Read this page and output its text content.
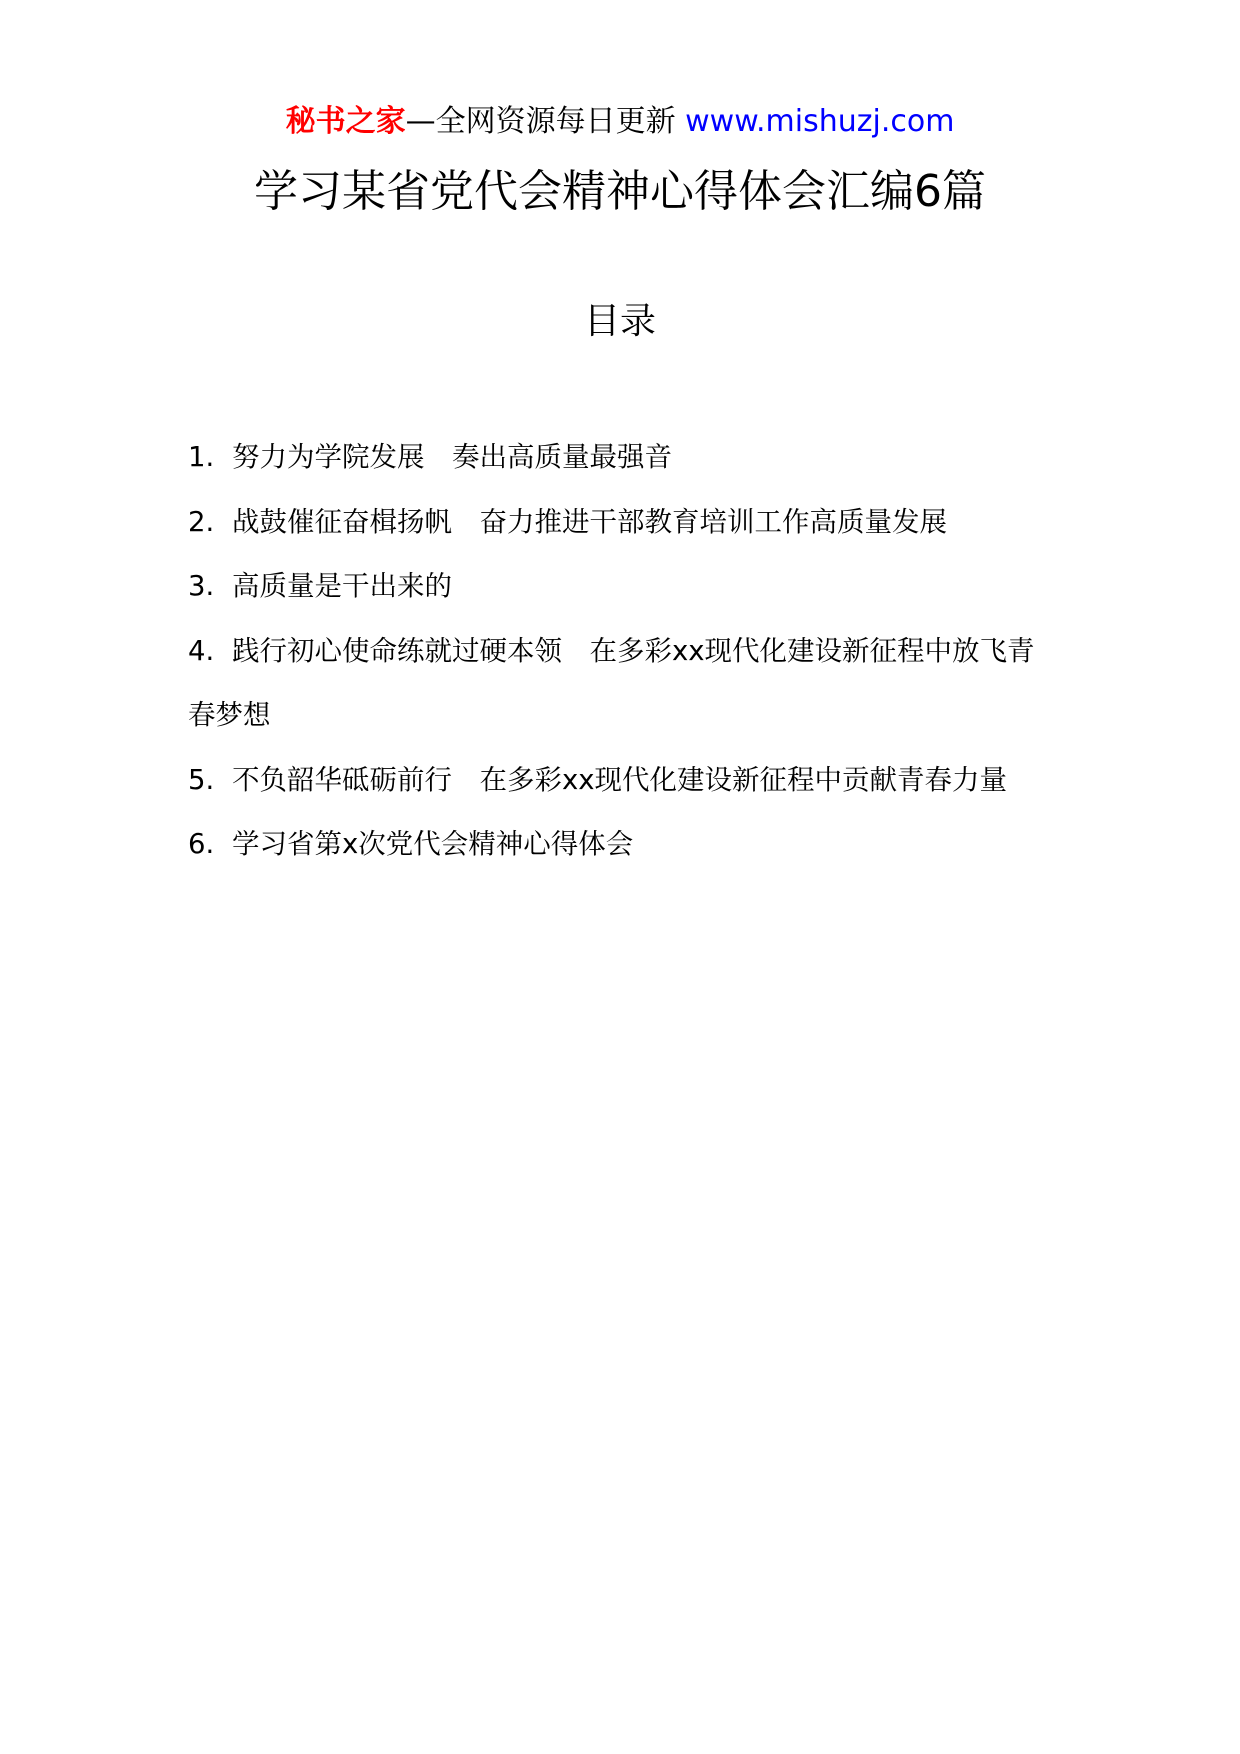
秘书之家—全网资源每日更新 www.mishuzj.com
学习某省党代会精神心得体会汇编6篇
目录
1. 努力为学院发展　奏出高质量最强音
2. 战鼓催征奋楫扬帆　奋力推进干部教育培训工作高质量发展
3. 高质量是干出来的
4. 践行初心使命练就过硬本领　在多彩xx现代化建设新征程中放飞青春梦想
5. 不负韶华砥砺前行　在多彩xx现代化建设新征程中贡献青春力量
6. 学习省第x次党代会精神心得体会
